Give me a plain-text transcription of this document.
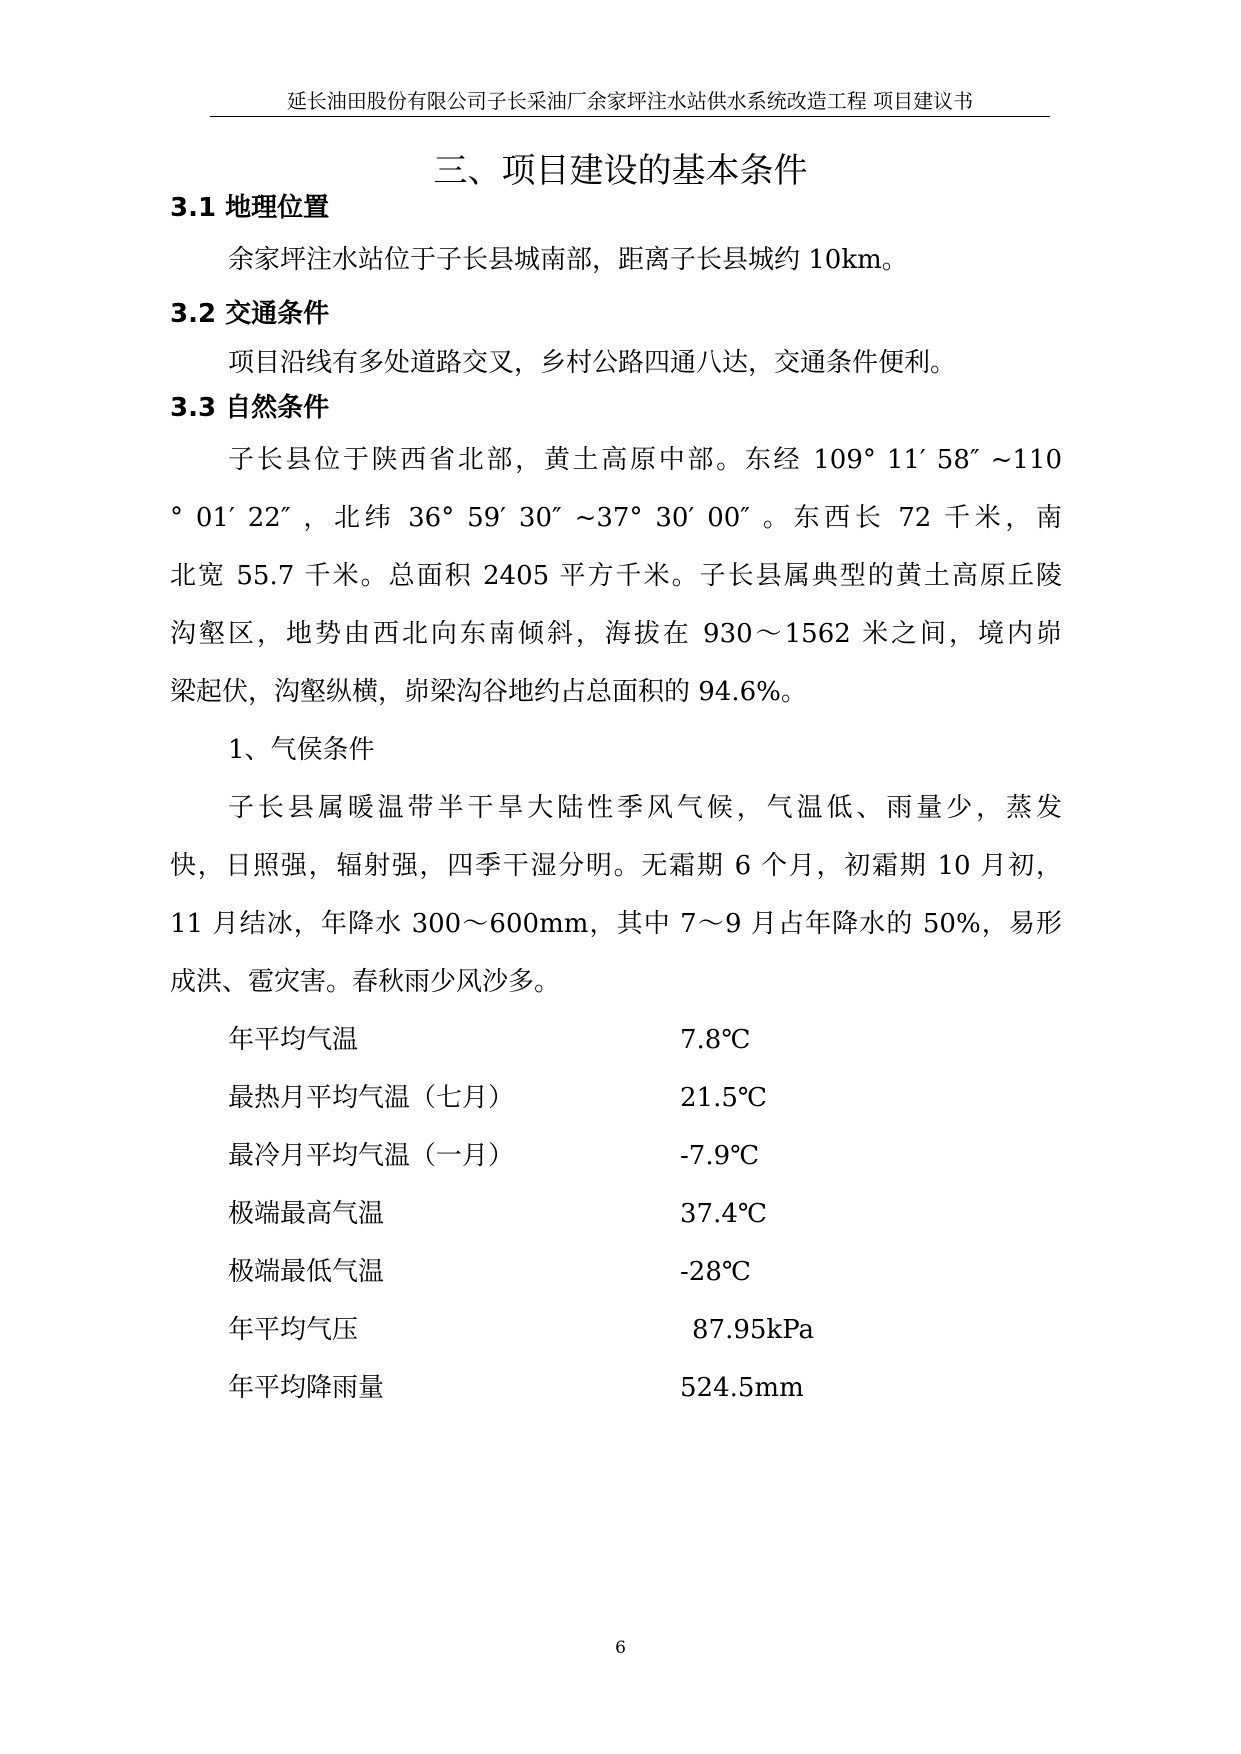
延长油田股份有限公司子长采油厂余家坪注水站供水系统改造工程 项目建议书
三、项目建设的基本条件
3.1 地理位置
余家坪注水站位于子长县城南部，距离子长县城约 10km。
3.2 交通条件
项目沿线有多处道路交叉，乡村公路四通八达，交通条件便利。
3.3 自然条件
子长县位于陕西省北部，黄土高原中部。东经 109° 11′ 58″ ~110
° 01′ 22″ ，北纬 36° 59′ 30″ ~37° 30′ 00″ 。东西长 72 千米，南
北宽 55.7 千米。总面积 2405 平方千米。子长县属典型的黄土高原丘陵
沟壑区，地势由西北向东南倾斜，海拔在 930～1562 米之间，境内峁
梁起伏，沟壑纵横，峁梁沟谷地约占总面积的 94.6%。
1、气侯条件
子长县属暖温带半干旱大陆性季风气候，气温低、雨量少，蒸发
快，日照强，辐射强，四季干湿分明。无霜期 6 个月，初霜期 10 月初，
11 月结冰，年降水 300～600mm，其中 7～9 月占年降水的 50%，易形
成洪、雹灾害。春秋雨少风沙多。
年平均气温	7.8℃
最热月平均气温（七月）	21.5℃
最冷月平均气温（一月）	-7.9℃
极端最高气温	37.4℃
极端最低气温	-28℃
年平均气压	87.95kPa
年平均降雨量	524.5mm
6
